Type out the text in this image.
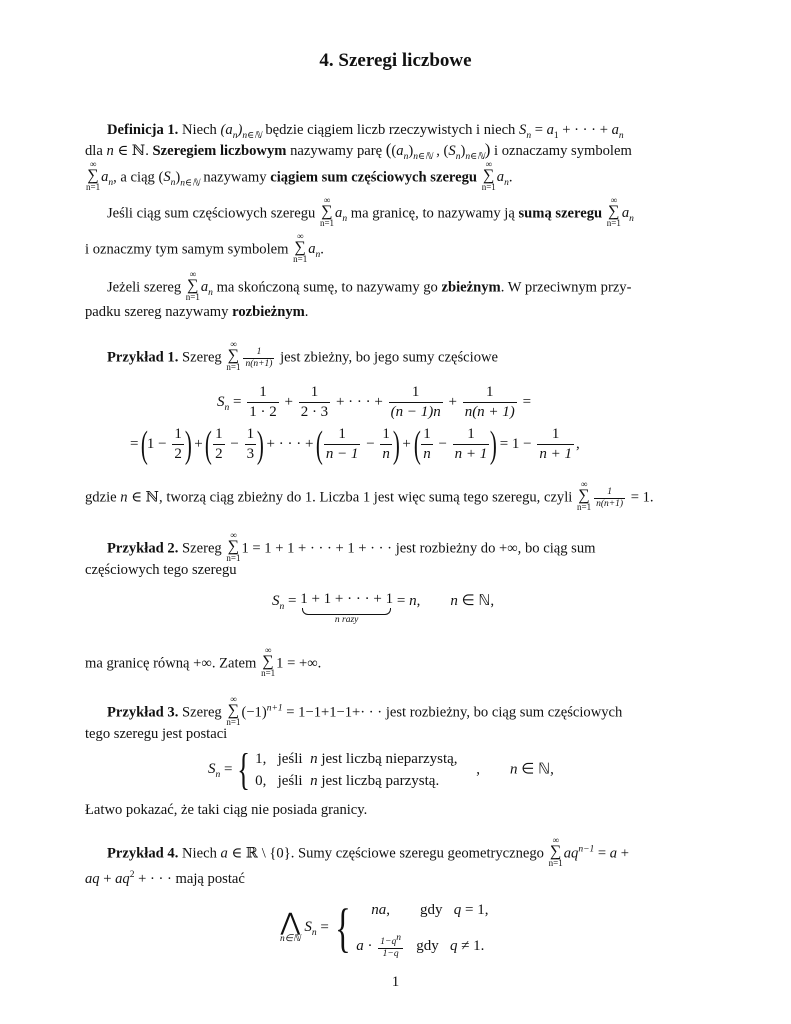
4. Szeregi liczbowe
Definicja 1. Niech $(a_n)_{n\in ℕ}$ będzie ciągiem liczb rzeczywistych i niech $S_n = a_1$ + · · · + $a_n$
dla n ∈ ℕ. Szeregiem liczbowym nazywamy parę ($(a_n)_{n\in ℕ}$ , $(S_n)_{n\in ℕ}$) i oznaczamy symbolem
∞
∑
n=1
$a_n$, a ciąg $(S_n)_{n\in ℕ}$ nazywamy ciągiem sum częściowych szeregu
∞
∑
n=1
$a_n$.
Jeśli ciąg sum częściowych szeregu
∞
∑
n=1
$a_n$ ma granicę, to nazywamy ją sumą szeregu
∞
∑
n=1
$a_n$
i oznaczmy tym samym symbolem
∞
∑
n=1
$a_n$.
Jeżeli szereg
∞
∑
n=1
$a_n$ ma skończoną sumę, to nazywamy go zbieżnym. W przeciwnym przy-
padku szereg nazywamy rozbieżnym.
Przykład 1. Szereg
∞
∑
$n=1 \frac{1}{n(n+1)}$ jest zbieżny, bo jego sumy częściowe
$S_n = \frac{1}{1 \cdot 2} + \frac{1}{2 \cdot 3}$ + · · · + $\frac{1}{(n - 1)n} + \frac{1}{n(n + 1)}$ =
= ($1 - \frac{1}{2}$ ) + ( $\frac{1}{2} - \frac{1}{3}$ ) + · · · + ( $\frac{1}{n - 1} - \frac{1}{n}$ ) + ( $\frac{1}{n} - \frac{1}{n + 1}$ ) = $1 - \frac{1}{n + 1}$ ,
gdzie n ∈ ℕ, tworzą ciąg zbieżny do 1. Liczba 1 jest więc sumą tego szeregu, czyli
∞
∑
$n=1 \frac{1}{n(n+1)} = 1$.
Przykład 2. Szereg
∞
∑
n=1
1 = 1 + 1 + · · · + 1 + · · · jest rozbieżny do +∞, bo ciąg sum
częściowych tego szeregu
$S_n = 1 + 1$ + · · · + 1
n razy
= n,        n ∈ ℕ,
ma granicę równą +∞. Zatem
∞
∑
n=1
1 = +∞.
Przykład 3. Szereg
∞
∑
n=1
$(-1)^{n+1} = 1-1+1-1+\cdot$ · · jest rozbieżny, bo ciąg sum częściowych
tego szeregu jest postaci
$S_n$ = { 1,   jeśli n jest liczbą nieparzystą,
0,   jeśli n jest liczbą parzystą.
,        n ∈ ℕ,
Łatwo pokazać, że taki ciąg nie posiada granicy.
Przykład 4. Niech a ∈ ℝ \ {0}. Sumy częściowe szeregu geometrycznego
∞
∑
n=1
$aq^{n-1} = a$ +
aq + $aq^2$ + · · · mają postać
⋀
n∈ℕ
$S_n$ = {	na,        gdy q = 1,
$a \cdot \frac{1-q^n}{1-q}$ gdy q ≠ 1.
1
